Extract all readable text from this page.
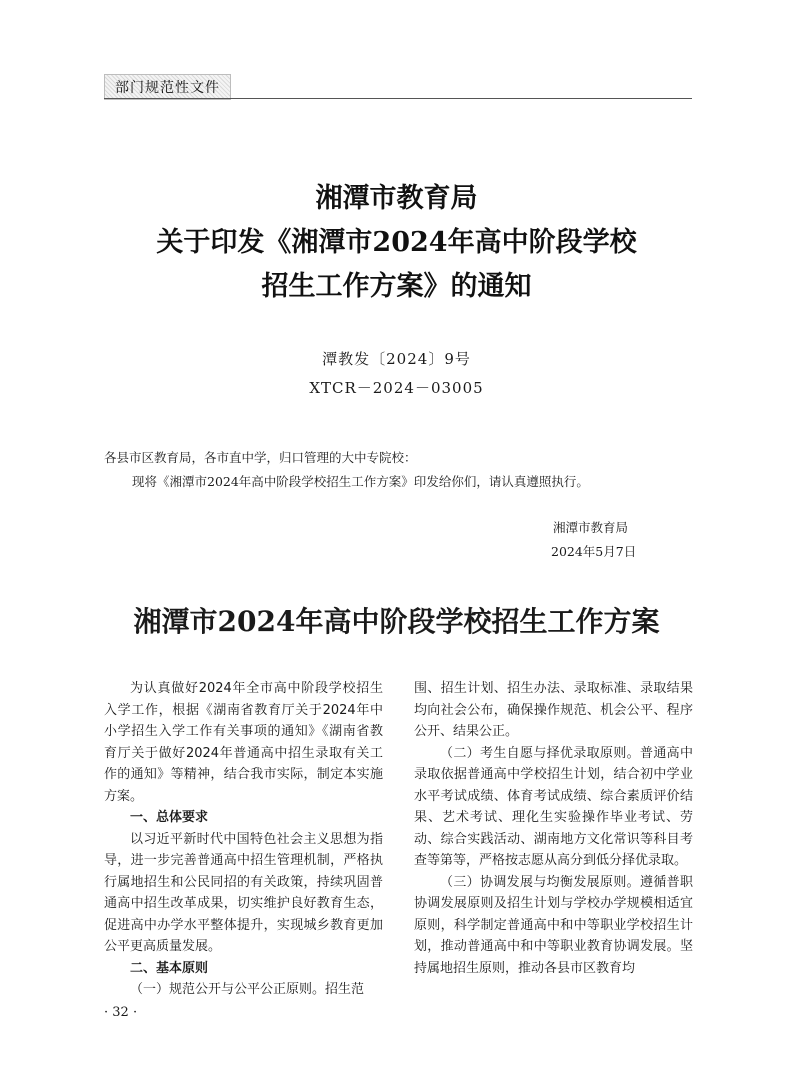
部门规范性文件
湘潭市教育局
关于印发《湘潭市2024年高中阶段学校
招生工作方案》的通知
潭教发〔2024〕9号
XTCR－2024－03005
各县市区教育局，各市直中学，归口管理的大中专院校：
现将《湘潭市2024年高中阶段学校招生工作方案》印发给你们，请认真遵照执行。
湘潭市教育局
2024年5月7日
湘潭市2024年高中阶段学校招生工作方案

为认真做好2024年全市高中阶段学校招生入学工作，根据《湖南省教育厅关于2024年中小学招生入学工作有关事项的通知》《湖南省教育厅关于做好2024年普通高中招生录取有关工作的通知》等精神，结合我市实际，制定本实施方案。

一、总体要求

以习近平新时代中国特色社会主义思想为指导，进一步完善普通高中招生管理机制，严格执行属地招生和公民同招的有关政策，持续巩固普通高中招生改革成果，切实维护良好教育生态，促进高中办学水平整体提升，实现城乡教育更加公平更高质量发展。

二、基本原则

（一）规范公开与公平公正原则。招生范

围、招生计划、招生办法、录取标准、录取结果均向社会公布，确保操作规范、机会公平、程序公开、结果公正。

（二）考生自愿与择优录取原则。普通高中录取依据普通高中学校招生计划，结合初中学业水平考试成绩、体育考试成绩、综合素质评价结果、艺术考试、理化生实验操作毕业考试、劳动、综合实践活动、湖南地方文化常识等科目考查等第等，严格按志愿从高分到低分择优录取。

（三）协调发展与均衡发展原则。遵循普职协调发展原则及招生计划与学校办学规模相适宜原则，科学制定普通高中和中等职业学校招生计划，推动普通高中和中等职业教育协调发展。坚持属地招生原则，推动各县市区教育均

· 32 ·
